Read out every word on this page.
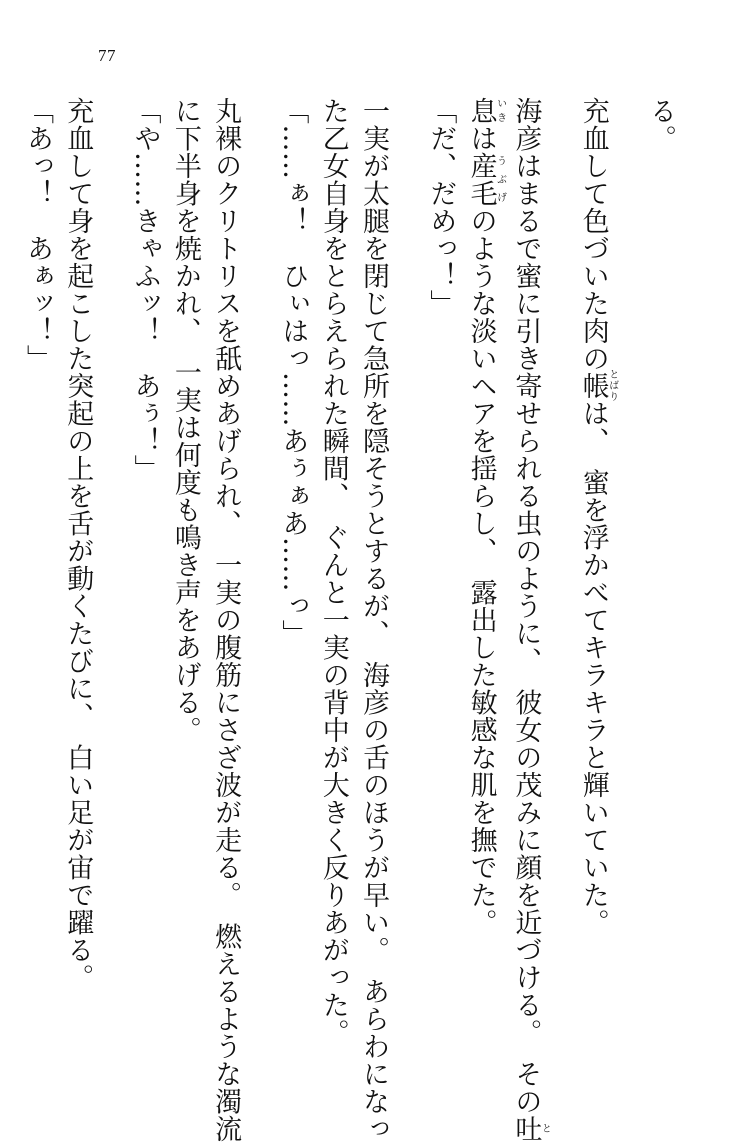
77
る。
充血して色づいた肉の帳とばりは、　蜜を浮かべてキラキラと輝いていた。
海彦はまるで蜜に引き寄せられる虫のように、　彼女の茂みに顔を近づける。　その吐と
息いきは産毛うぶげのような淡いヘアを揺らし、　露出した敏感な肌を撫でた。
「だ、だめっ！」
一実が太腿を閉じて急所を隠そうとするが、　海彦の舌のほうが早い。　あらわになっ
た乙女自身をとらえられた瞬間、　ぐんと一実の背中が大きく反りあがった。
「……ぁ！　ひぃはっ……あぅぁあ……っ」
丸裸のクリトリスを舐めあげられ、　一実の腹筋にさざ波が走る。　燃えるような濁流
に下半身を焼かれ、　一実は何度も鳴き声をあげる。
「や……きゃふッ！　あぅ！」
充血して身を起こした突起の上を舌が動くたびに、　白い足が宙で躍る。
「あっ！　あぁッ！」
